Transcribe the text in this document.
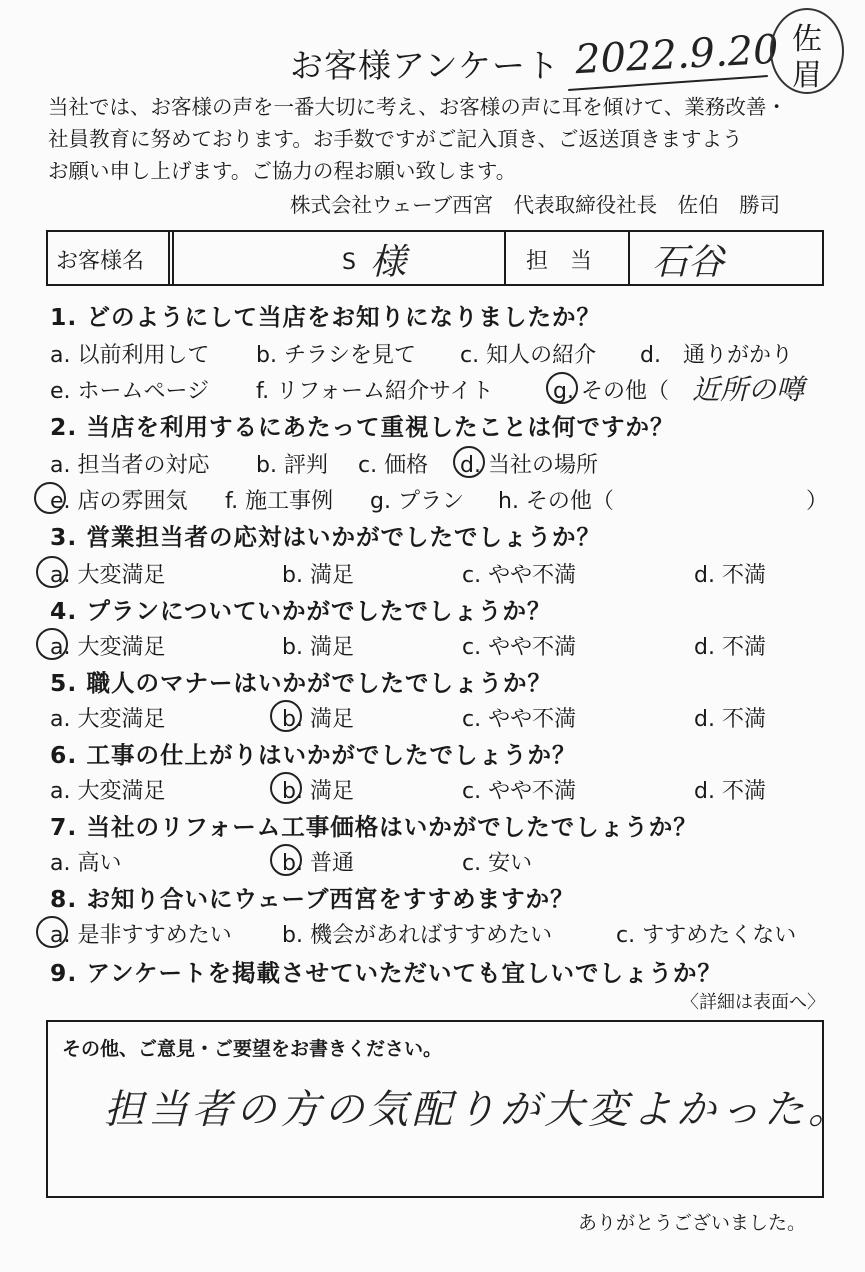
お客様アンケート 2022.9.20 佐
眉
当社では、お客様の声を一番大切に考え、お客様の声に耳を傾けて、業務改善・
社員教育に努めております。お手数ですがご記入頂き、ご返送頂きますよう
お願い申し上げます。ご協力の程お願い致します。
株式会社ウェーブ西宮　代表取締役社長　佐伯　勝司
お客様名	S 様	担　当 石谷
1. どのようにして当店をお知りになりましたか？
a. 以前利用して b. チラシを見て c. 知人の紹介 d.　通りがかり
e. ホームページ f. リフォーム紹介サイト	g. その他（ 近所の噂
2. 当店を利用するにあたって重視したことは何ですか？
a. 担当者の対応 b. 評判 c. 価格 d. 当社の場所
e. 店の雰囲気 f. 施工事例 g. プラン h. その他（	）
3. 営業担当者の応対はいかがでしたでしょうか？
a. 大変満足	b. 満足	c. やや不満	d. 不満
4. プランについていかがでしたでしょうか？
a. 大変満足	b. 満足	c. やや不満	d. 不満
5. 職人のマナーはいかがでしたでしょうか？
a. 大変満足	b. 満足	c. やや不満	d. 不満
6. 工事の仕上がりはいかがでしたでしょうか？
a. 大変満足	b. 満足	c. やや不満	d. 不満
7. 当社のリフォーム工事価格はいかがでしたでしょうか？
a. 高い	b. 普通	c. 安い
8. お知り合いにウェーブ西宮をすすめますか？
a. 是非すすめたい b. 機会があればすすめたい	c. すすめたくない
9. アンケートを掲載させていただいても宜しいでしょうか？
〈詳細は表面へ〉
その他、ご意見・ご要望をお書きください。
担当者の方の気配りが大変よかった。
ありがとうございました。
